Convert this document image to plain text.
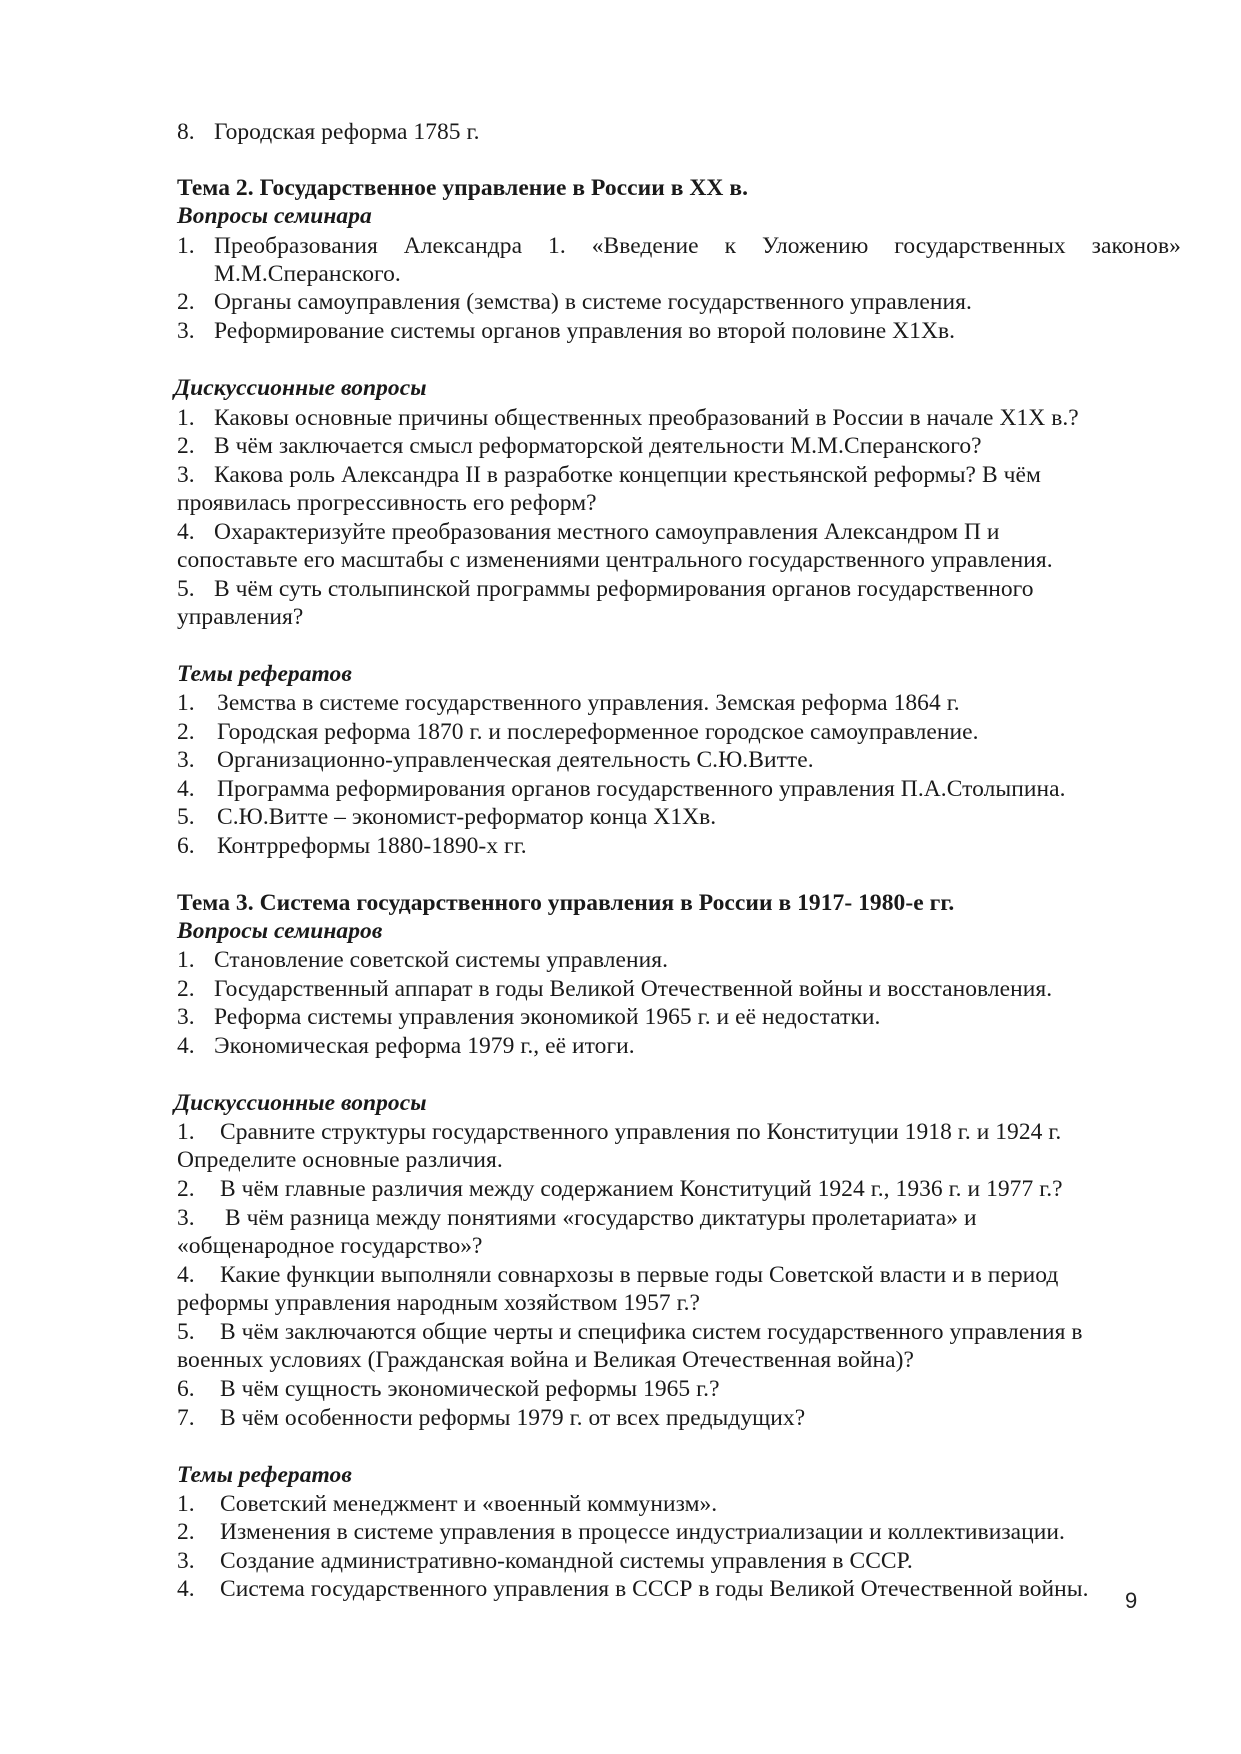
8. Городская реформа 1785 г.
Тема 2. Государственное управление в России в XX в.
Вопросы семинара
1. Преобразования Александра 1. «Введение к Уложению государственных законов»
М.М.Сперанского.
2. Органы самоуправления (земства) в системе государственного управления.
3. Реформирование системы органов управления во второй половине Х1Хв.
Дискуссионные вопросы
1. Каковы основные причины общественных преобразований в России в начале Х1Х в.?
2. В чём заключается смысл реформаторской деятельности М.М.Сперанского?
3. Какова роль Александра II в разработке концепции крестьянской реформы? В чём
проявилась прогрессивность его реформ?
4. Охарактеризуйте преобразования местного самоуправления Александром П и
сопоставьте его масштабы с изменениями центрального государственного управления.
5. В чём суть столыпинской программы реформирования органов государственного
управления?
Темы рефератов
1. Земства в системе государственного управления. Земская реформа 1864 г.
2. Городская реформа 1870 г. и послереформенное городское самоуправление.
3. Организационно-управленческая деятельность С.Ю.Витте.
4. Программа реформирования органов государственного управления П.А.Столыпина.
5. С.Ю.Витте – экономист-реформатор конца Х1Хв.
6. Контрреформы 1880-1890-х гг.
Тема 3. Система государственного управления в России в 1917- 1980-е гг.
Вопросы семинаров
1. Становление советской системы управления.
2. Государственный аппарат в годы Великой Отечественной войны и восстановления.
3. Реформа системы управления экономикой 1965 г. и её недостатки.
4. Экономическая реформа 1979 г., её итоги.
Дискуссионные вопросы
1. Сравните структуры государственного управления по Конституции 1918 г. и 1924 г.
Определите основные различия.
2. В чём главные различия между содержанием Конституций 1924 г., 1936 г. и 1977 г.?
3. В чём разница между понятиями «государство диктатуры пролетариата» и
«общенародное государство»?
4. Какие функции выполняли совнархозы в первые годы Советской власти и в период
реформы управления народным хозяйством 1957 г.?
5. В чём заключаются общие черты и специфика систем государственного управления в
военных условиях (Гражданская война и Великая Отечественная война)?
6. В чём сущность экономической реформы 1965 г.?
7. В чём особенности реформы 1979 г. от всех предыдущих?
Темы рефератов
1. Советский менеджмент и «военный коммунизм».
2. Изменения в системе управления в процессе индустриализации и коллективизации.
3. Создание административно-командной системы управления в СССР.
4. Система государственного управления в СССР в годы Великой Отечественной войны. 9
